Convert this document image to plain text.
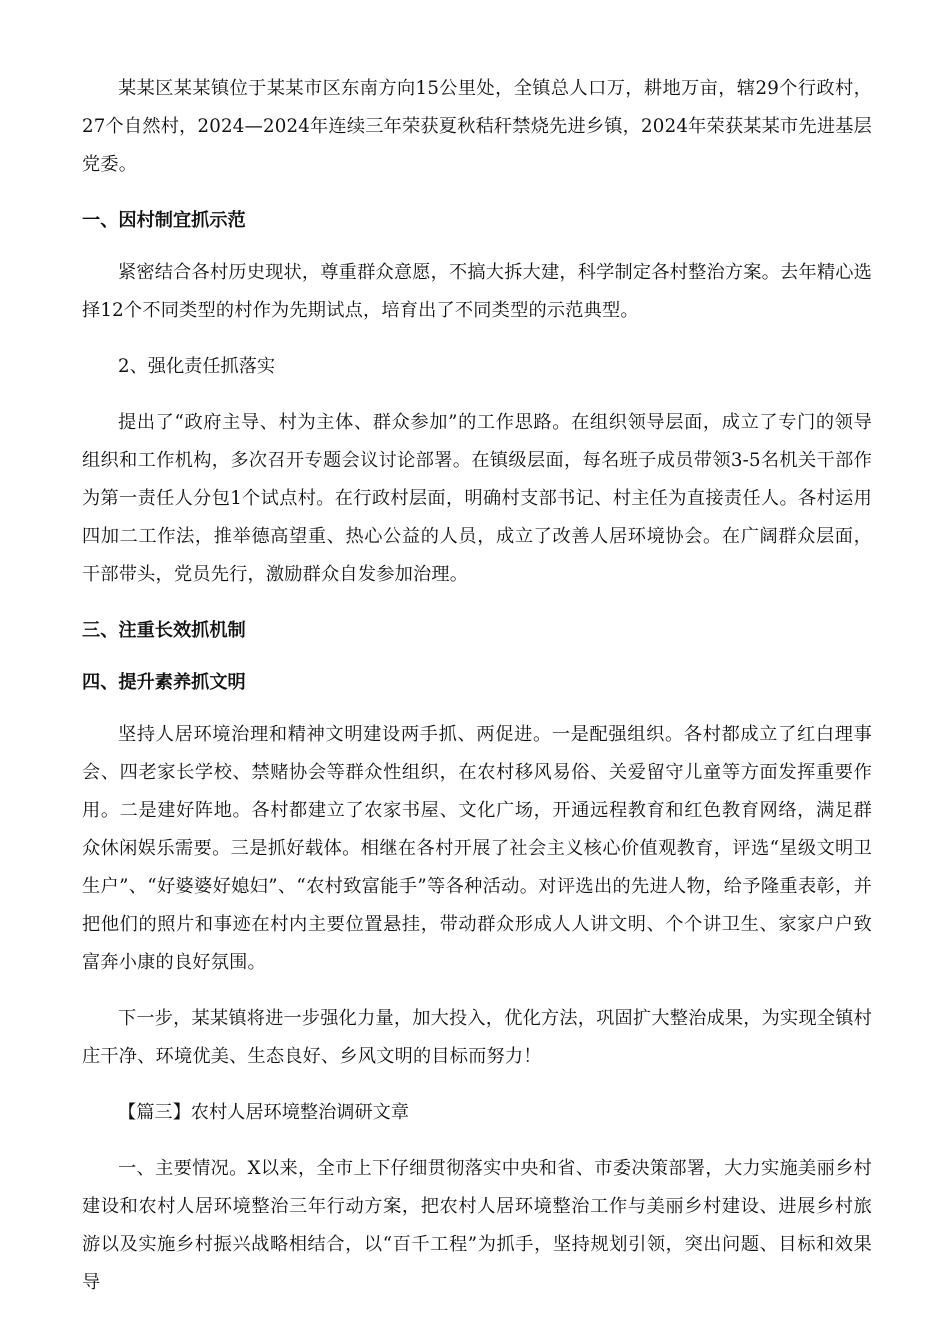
某某区某某镇位于某某市区东南方向15公里处，全镇总人口万，耕地万亩，辖29个行政村，27个自然村，2024—2024年连续三年荣获夏秋秸秆禁烧先进乡镇，2024年荣获某某市先进基层党委。

一、因村制宜抓示范

紧密结合各村历史现状，尊重群众意愿，不搞大拆大建，科学制定各村整治方案。去年精心选择12个不同类型的村作为先期试点，培育出了不同类型的示范典型。

2、强化责任抓落实

提出了“政府主导、村为主体、群众参加”的工作思路。在组织领导层面，成立了专门的领导组织和工作机构，多次召开专题会议讨论部署。在镇级层面，每名班子成员带领3-5名机关干部作为第一责任人分包1个试点村。在行政村层面，明确村支部书记、村主任为直接责任人。各村运用四加二工作法，推举德高望重、热心公益的人员，成立了改善人居环境协会。在广阔群众层面，干部带头，党员先行，激励群众自发参加治理。

三、注重长效抓机制
四、提升素养抓文明

坚持人居环境治理和精神文明建设两手抓、两促进。一是配强组织。各村都成立了红白理事会、四老家长学校、禁赌协会等群众性组织，在农村移风易俗、关爱留守儿童等方面发挥重要作用。二是建好阵地。各村都建立了农家书屋、文化广场，开通远程教育和红色教育网络，满足群众休闲娱乐需要。三是抓好载体。相继在各村开展了社会主义核心价值观教育，评选“星级文明卫生户”、“好婆婆好媳妇”、“农村致富能手”等各种活动。对评选出的先进人物，给予隆重表彰，并把他们的照片和事迹在村内主要位置悬挂，带动群众形成人人讲文明、个个讲卫生、家家户户致富奔小康的良好氛围。

下一步，某某镇将进一步强化力量，加大投入，优化方法，巩固扩大整治成果，为实现全镇村庄干净、环境优美、生态良好、乡风文明的目标而努力！

【篇三】农村人居环境整治调研文章

一、主要情况。X以来，全市上下仔细贯彻落实中央和省、市委决策部署，大力实施美丽乡村建设和农村人居环境整治三年行动方案，把农村人居环境整治工作与美丽乡村建设、进展乡村旅游以及实施乡村振兴战略相结合，以“百千工程”为抓手，坚持规划引领，突出问题、目标和效果导
